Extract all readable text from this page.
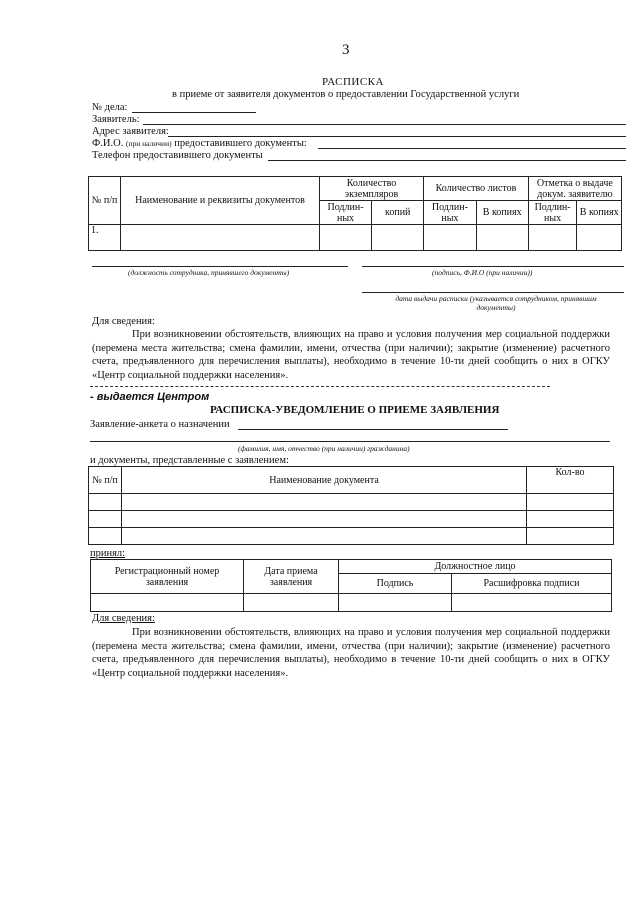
3
РАСПИСКА
в приеме от заявителя документов о предоставлении Государственной услуги
№ дела:
Заявитель:
Адрес заявителя:
Ф.И.О. (при наличии) предоставившего документы:
Телефон предоставившего документы
№ п/п	Наименование и реквизиты документов	Количество экземпляров		Количество листов		Отметка о выдаче докум. заявителю	
		Подлин-ных	копий	Подлин-ных	В копиях	Подлин-ных	В копиях
1.							
(должность сотрудника, принявшего документы)	(подпись, Ф.И.О (при наличии))
дата выдачи расписки (указывается сотрудником, принявшим документы)
Для сведения:
При возникновении обстоятельств, влияющих на право и условия получения мер социальной поддержки (перемена места жительства; смена фамилии, имени, отчества (при наличии); закрытие (изменение) расчетного счета, предъявленного для перечисления выплаты), необходимо в течение 10-ти дней сообщить о них в ОГКУ «Центр социальной поддержки населения».
- выдается Центром
РАСПИСКА-УВЕДОМЛЕНИЕ О ПРИЕМЕ ЗАЯВЛЕНИЯ
Заявление-анкета о назначении
(фамилия, имя, отчество (при наличии) гражданина)
и документы, представленные с заявлением:
№ п/п	Наименование документа	Кол-во

принял:
Регистрационный номер заявления	Дата приема заявления	Должностное лицо	
		Подпись	Расшифровка подписи

Для сведения:
При возникновении обстоятельств, влияющих на право и условия получения мер социальной поддержки (перемена места жительства; смена фамилии, имени, отчества (при наличии); закрытие (изменение) расчетного счета, предъявленного для перечисления выплаты), необходимо в течение 10-ти дней сообщить о них в ОГКУ «Центр социальной поддержки населения».
